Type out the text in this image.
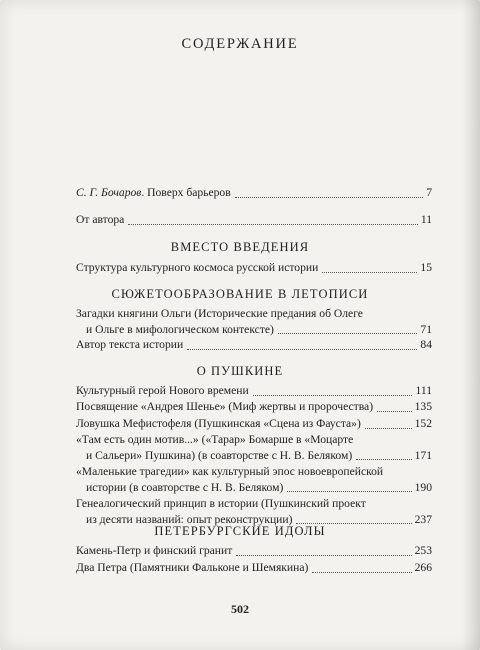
СОДЕРЖАНИЕ
С. Г. Бочаров. Поверх барьеров	7
От автора	11
ВМЕСТО ВВЕДЕНИЯ
Структура культурного космоса русской истории	15
СЮЖЕТООБРАЗОВАНИЕ В ЛЕТОПИСИ
Загадки княгини Ольги (Исторические предания об Олеге
и Ольге в мифологическом контексте)	71
Автор текста истории	84
О ПУШКИНЕ
Культурный герой Нового времени	111
Посвящение «Андрея Шенье» (Миф жертвы и пророчества)	135
Ловушка Мефистофеля (Пушкинская «Сцена из Фауста»)	152
«Там есть один мотив...» («Тарар» Бомарше в «Моцарте
и Сальери» Пушкина) (в соавторстве с Н. В. Беляком)	171
«Маленькие трагедии» как культурный эпос новоевропейской
истории (в соавторстве с Н. В. Беляком)	190
Генеалогический принцип в истории (Пушкинский проект
из десяти названий: опыт реконструкции)	237
ПЕТЕРБУРГСКИЕ ИДОЛЫ
Камень-Петр и финский гранит	253
Два Петра (Памятники Фальконе и Шемякина)	266
502
